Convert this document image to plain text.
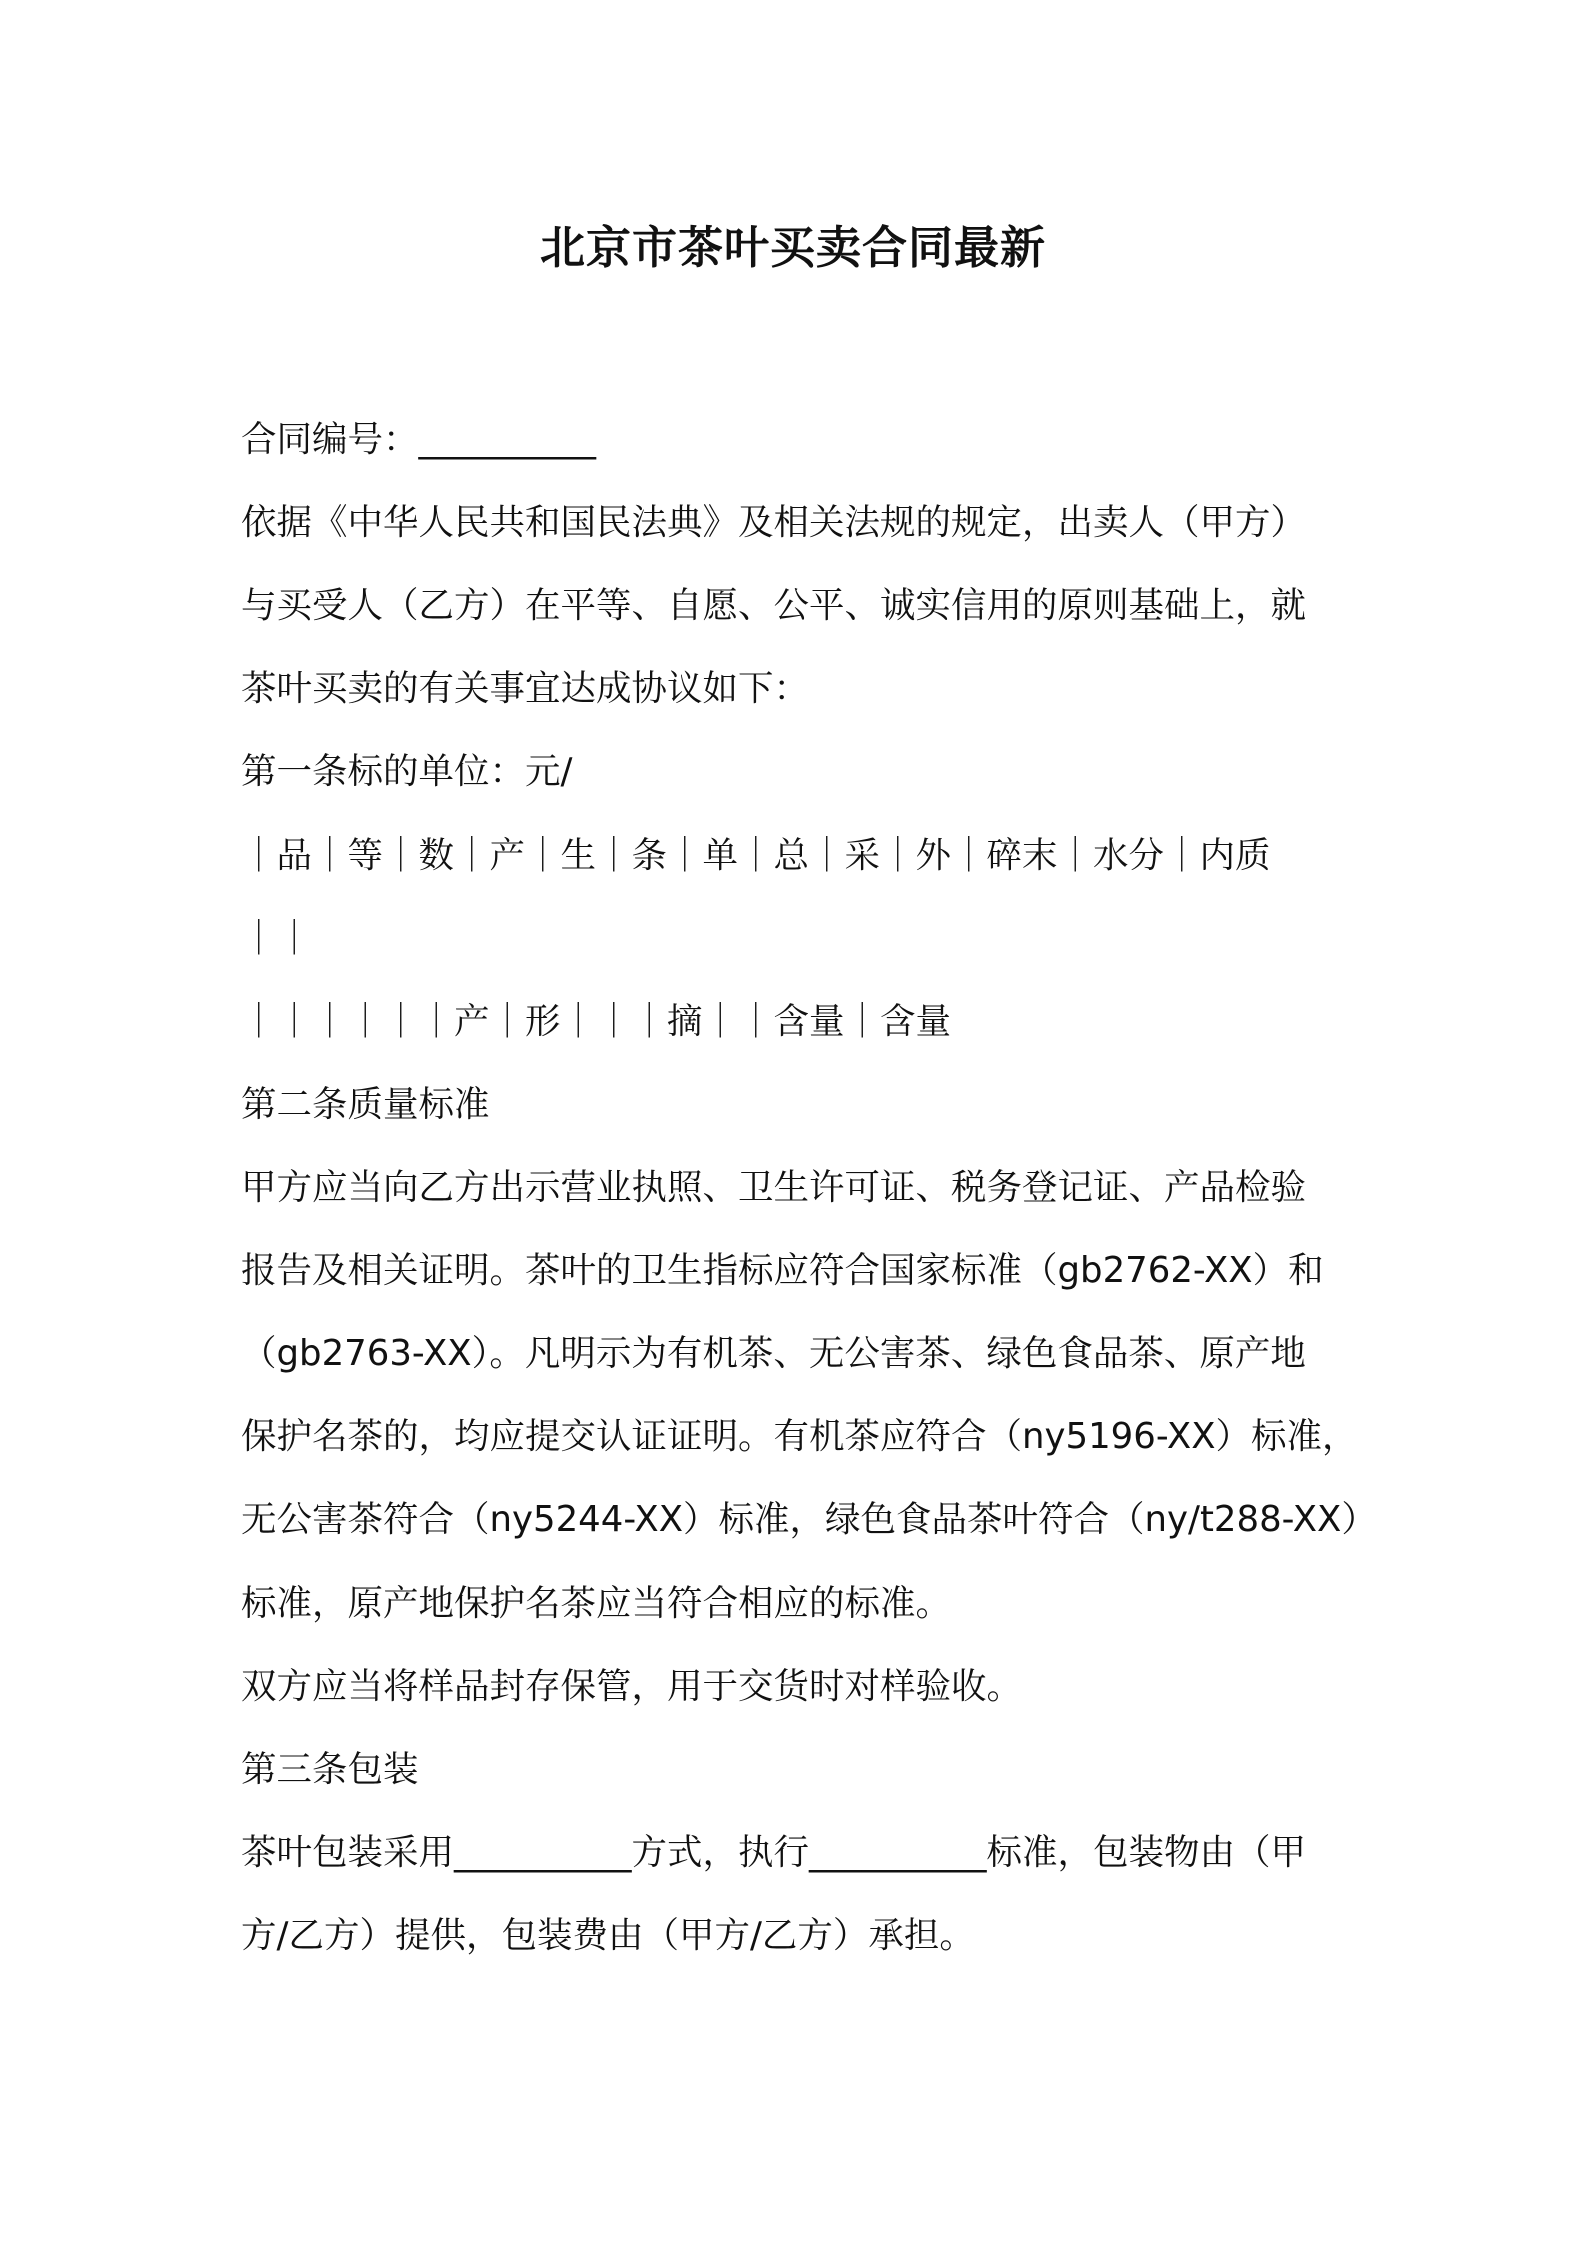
北京市茶叶买卖合同最新
合同编号：__________
依据《中华人民共和国民法典》及相关法规的规定，出卖人（甲方）
与买受人（乙方）在平等、自愿、公平、诚实信用的原则基础上，就
茶叶买卖的有关事宜达成协议如下：
第一条标的单位：元/
｜品｜等｜数｜产｜生｜条｜单｜总｜采｜外｜碎末｜水分｜内质
｜｜
｜｜｜｜｜｜产｜形｜｜｜摘｜｜含量｜含量
第二条质量标准
甲方应当向乙方出示营业执照、卫生许可证、税务登记证、产品检验
报告及相关证明。茶叶的卫生指标应符合国家标准（gb2762-XX）和
（gb2763-XX）。凡明示为有机茶、无公害茶、绿色食品茶、原产地
保护名茶的，均应提交认证证明。有机茶应符合（ny5196-XX）标准，
无公害茶符合（ny5244-XX）标准，绿色食品茶叶符合（ny/t288-XX）
标准，原产地保护名茶应当符合相应的标准。
双方应当将样品封存保管，用于交货时对样验收。
第三条包装
茶叶包装采用__________方式，执行__________标准，包装物由（甲
方/乙方）提供，包装费由（甲方/乙方）承担。
